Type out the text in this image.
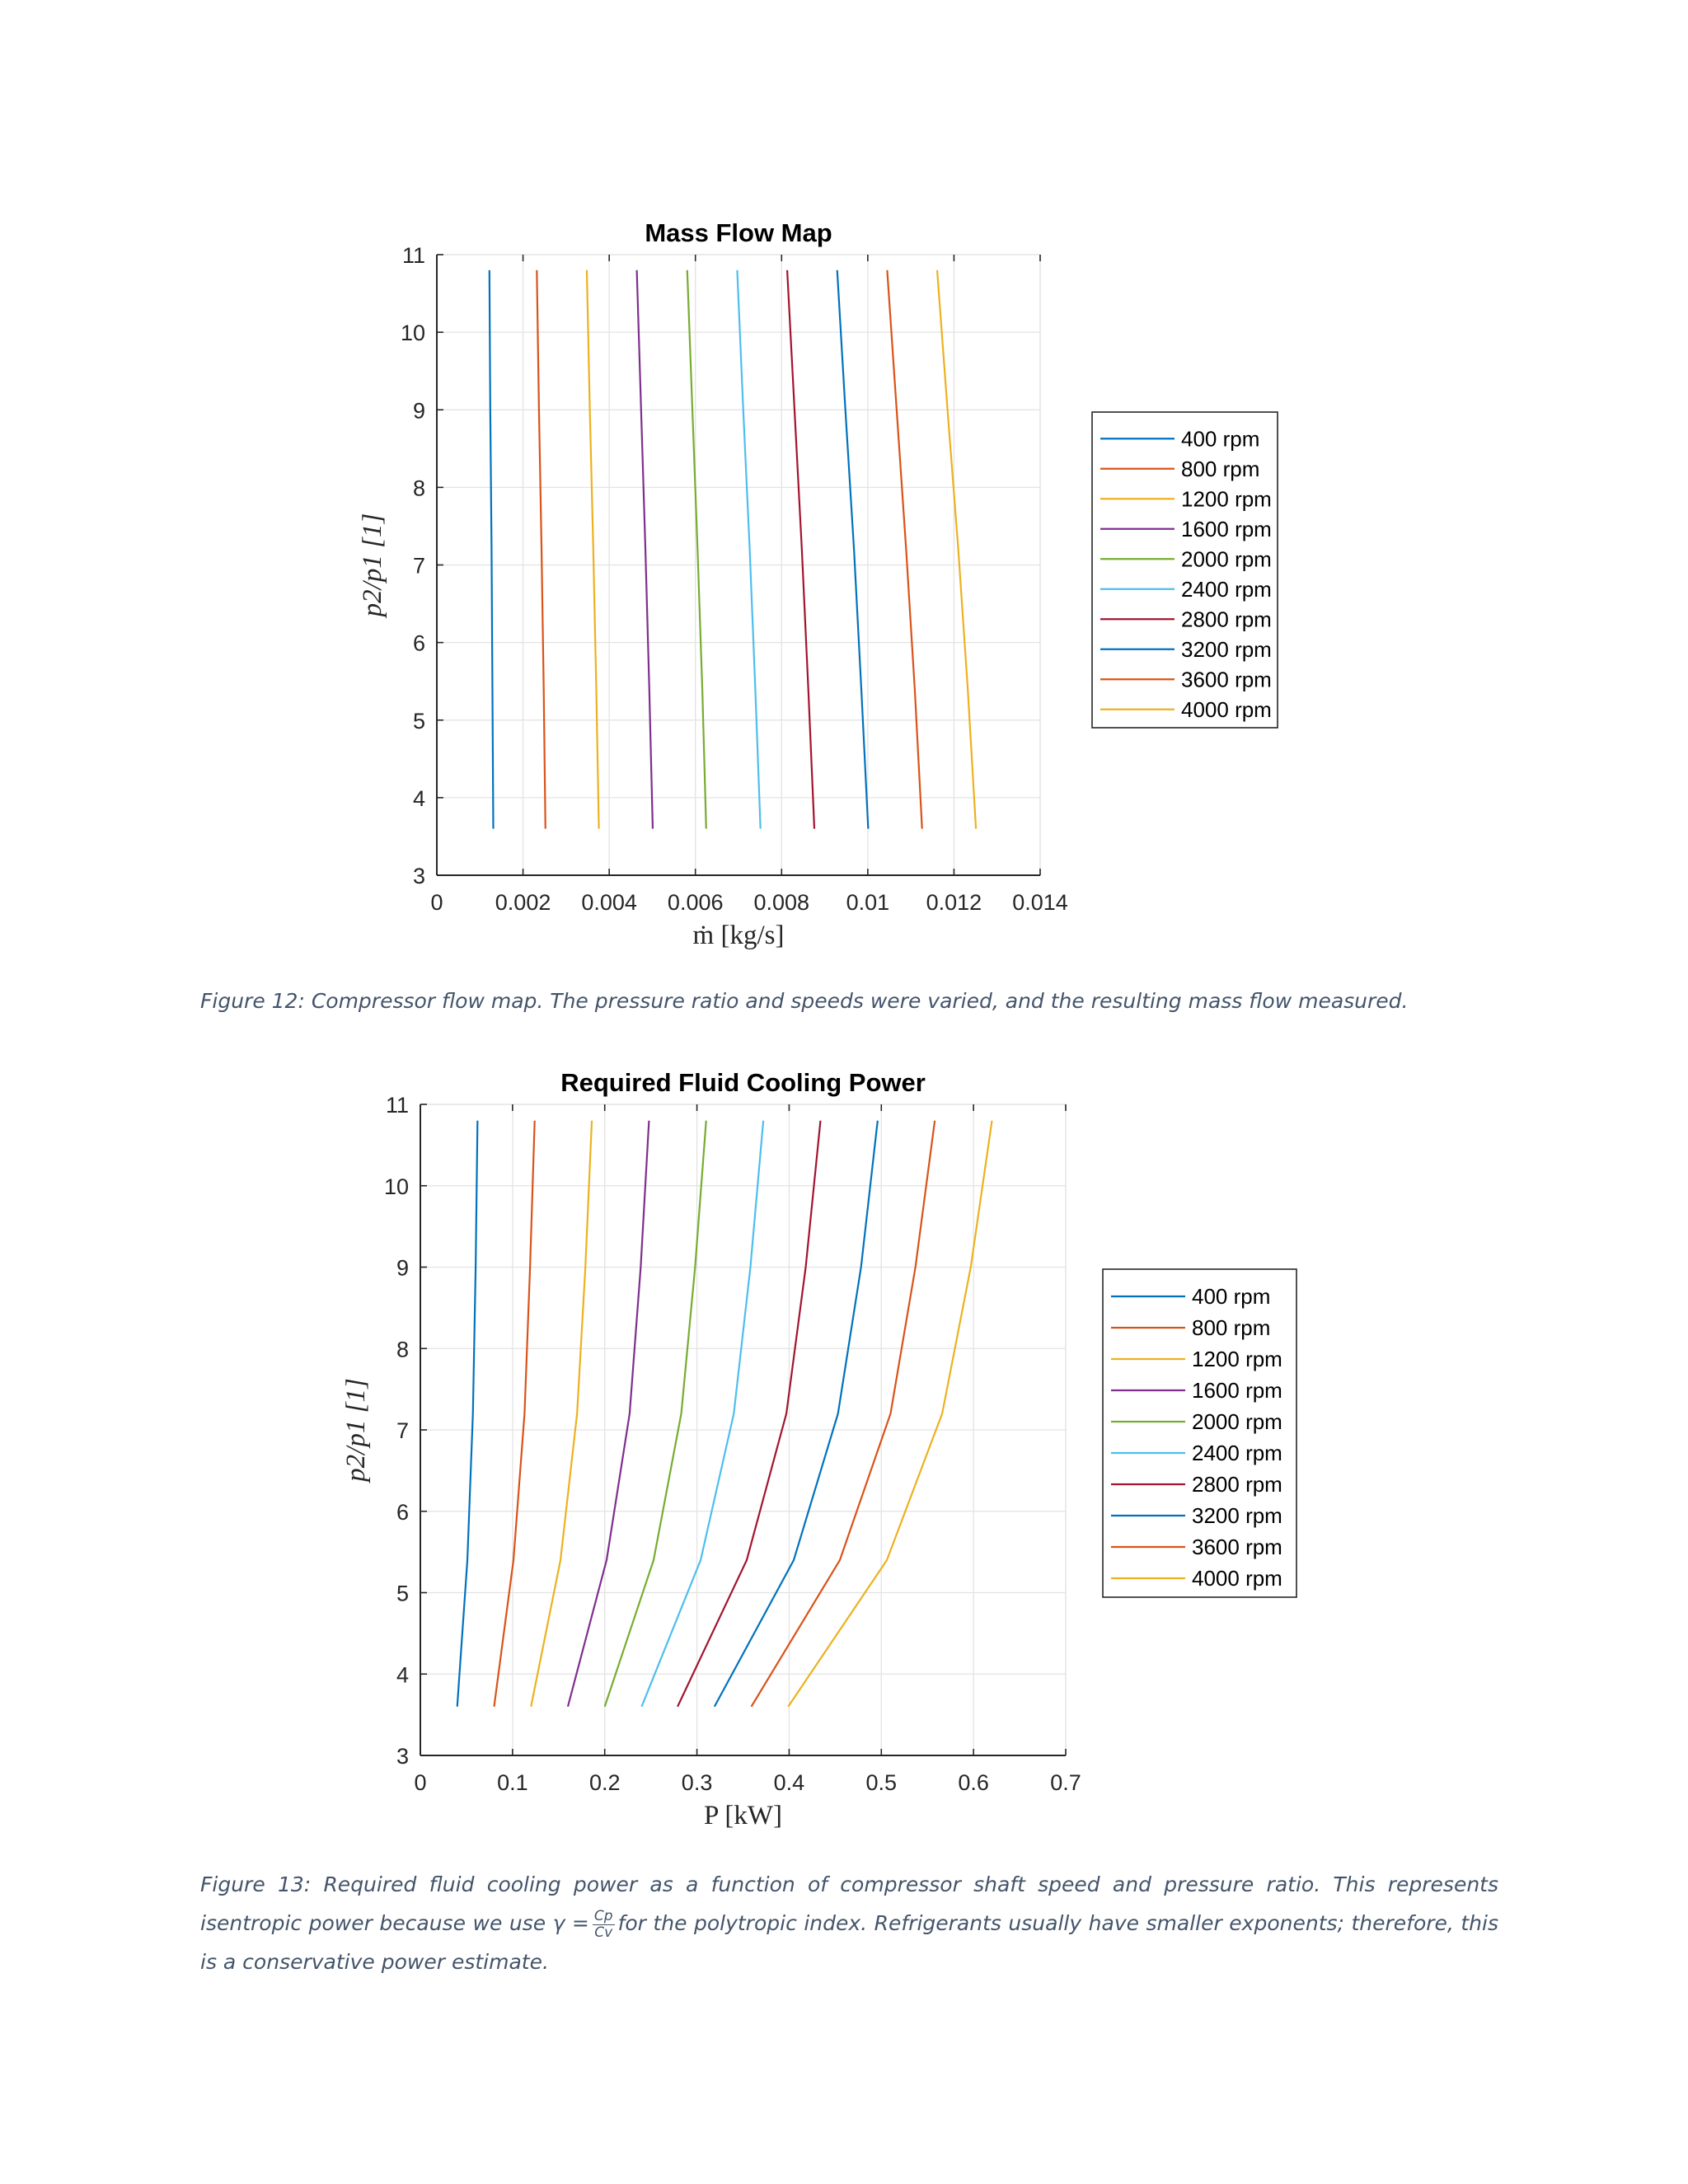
0 0.002 0.004 0.006 0.008 0.01 0.012 0.014
3
4
5
6
7
8
9
10
11
Mass Flow Map
ṁ [kg/s]
p2/p1 [1]
400 rpm
800 rpm
1200 rpm
1600 rpm
2000 rpm
2400 rpm
2800 rpm
3200 rpm
3600 rpm
4000 rpm
0	0.1	0.2	0.3	0.4	0.5	0.6	0.7
3
4
5
6
7
8
9
10
11
Required Fluid Cooling Power
P [kW]
p2/p1 [1]
400 rpm
800 rpm
1200 rpm
1600 rpm
2000 rpm
2400 rpm
2800 rpm
3200 rpm
3600 rpm
4000 rpm
Figure 12: Compressor flow map. The pressure ratio and speeds were varied, and the resulting mass flow measured.
Figure 13: Required fluid cooling power as a function of compressor shaft speed and pressure ratio. This represents isentropic power because we use $\gamma = \frac{Cp}{Cv}$ for the polytropic index. Refrigerants usually have smaller exponents; therefore, this is a conservative power estimate.
